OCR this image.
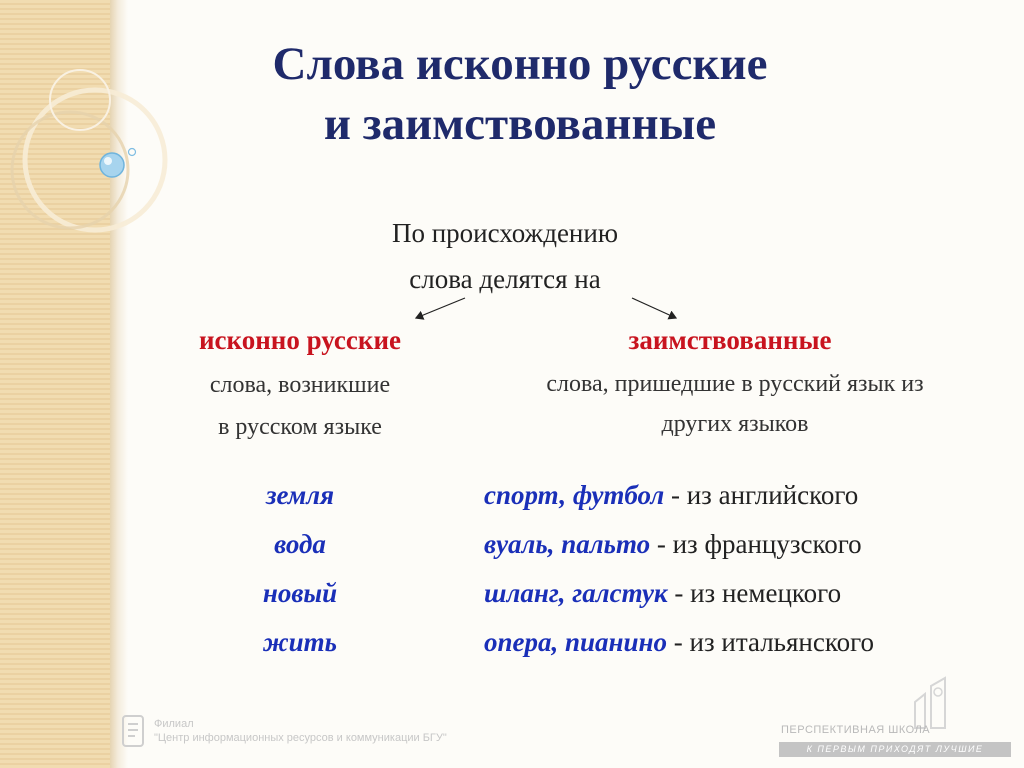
Слова исконно русские
и заимствованные
По происхождению
слова делятся на
исконно русские	заимствованные
слова, возникшие
в русском языке
слова, пришедшие в русский язык из
других языков
земля
вода
новый
жить
спорт, футбол - из английского
вуаль, пальто - из французского
шланг, галстук - из немецкого
опера, пианино - из итальянского
Филиал
"Центр информационных ресурсов и коммуникации БГУ"
ПЕРСПЕКТИВНАЯ ШКОЛА
К ПЕРВЫМ ПРИХОДЯТ ЛУЧШИЕ
